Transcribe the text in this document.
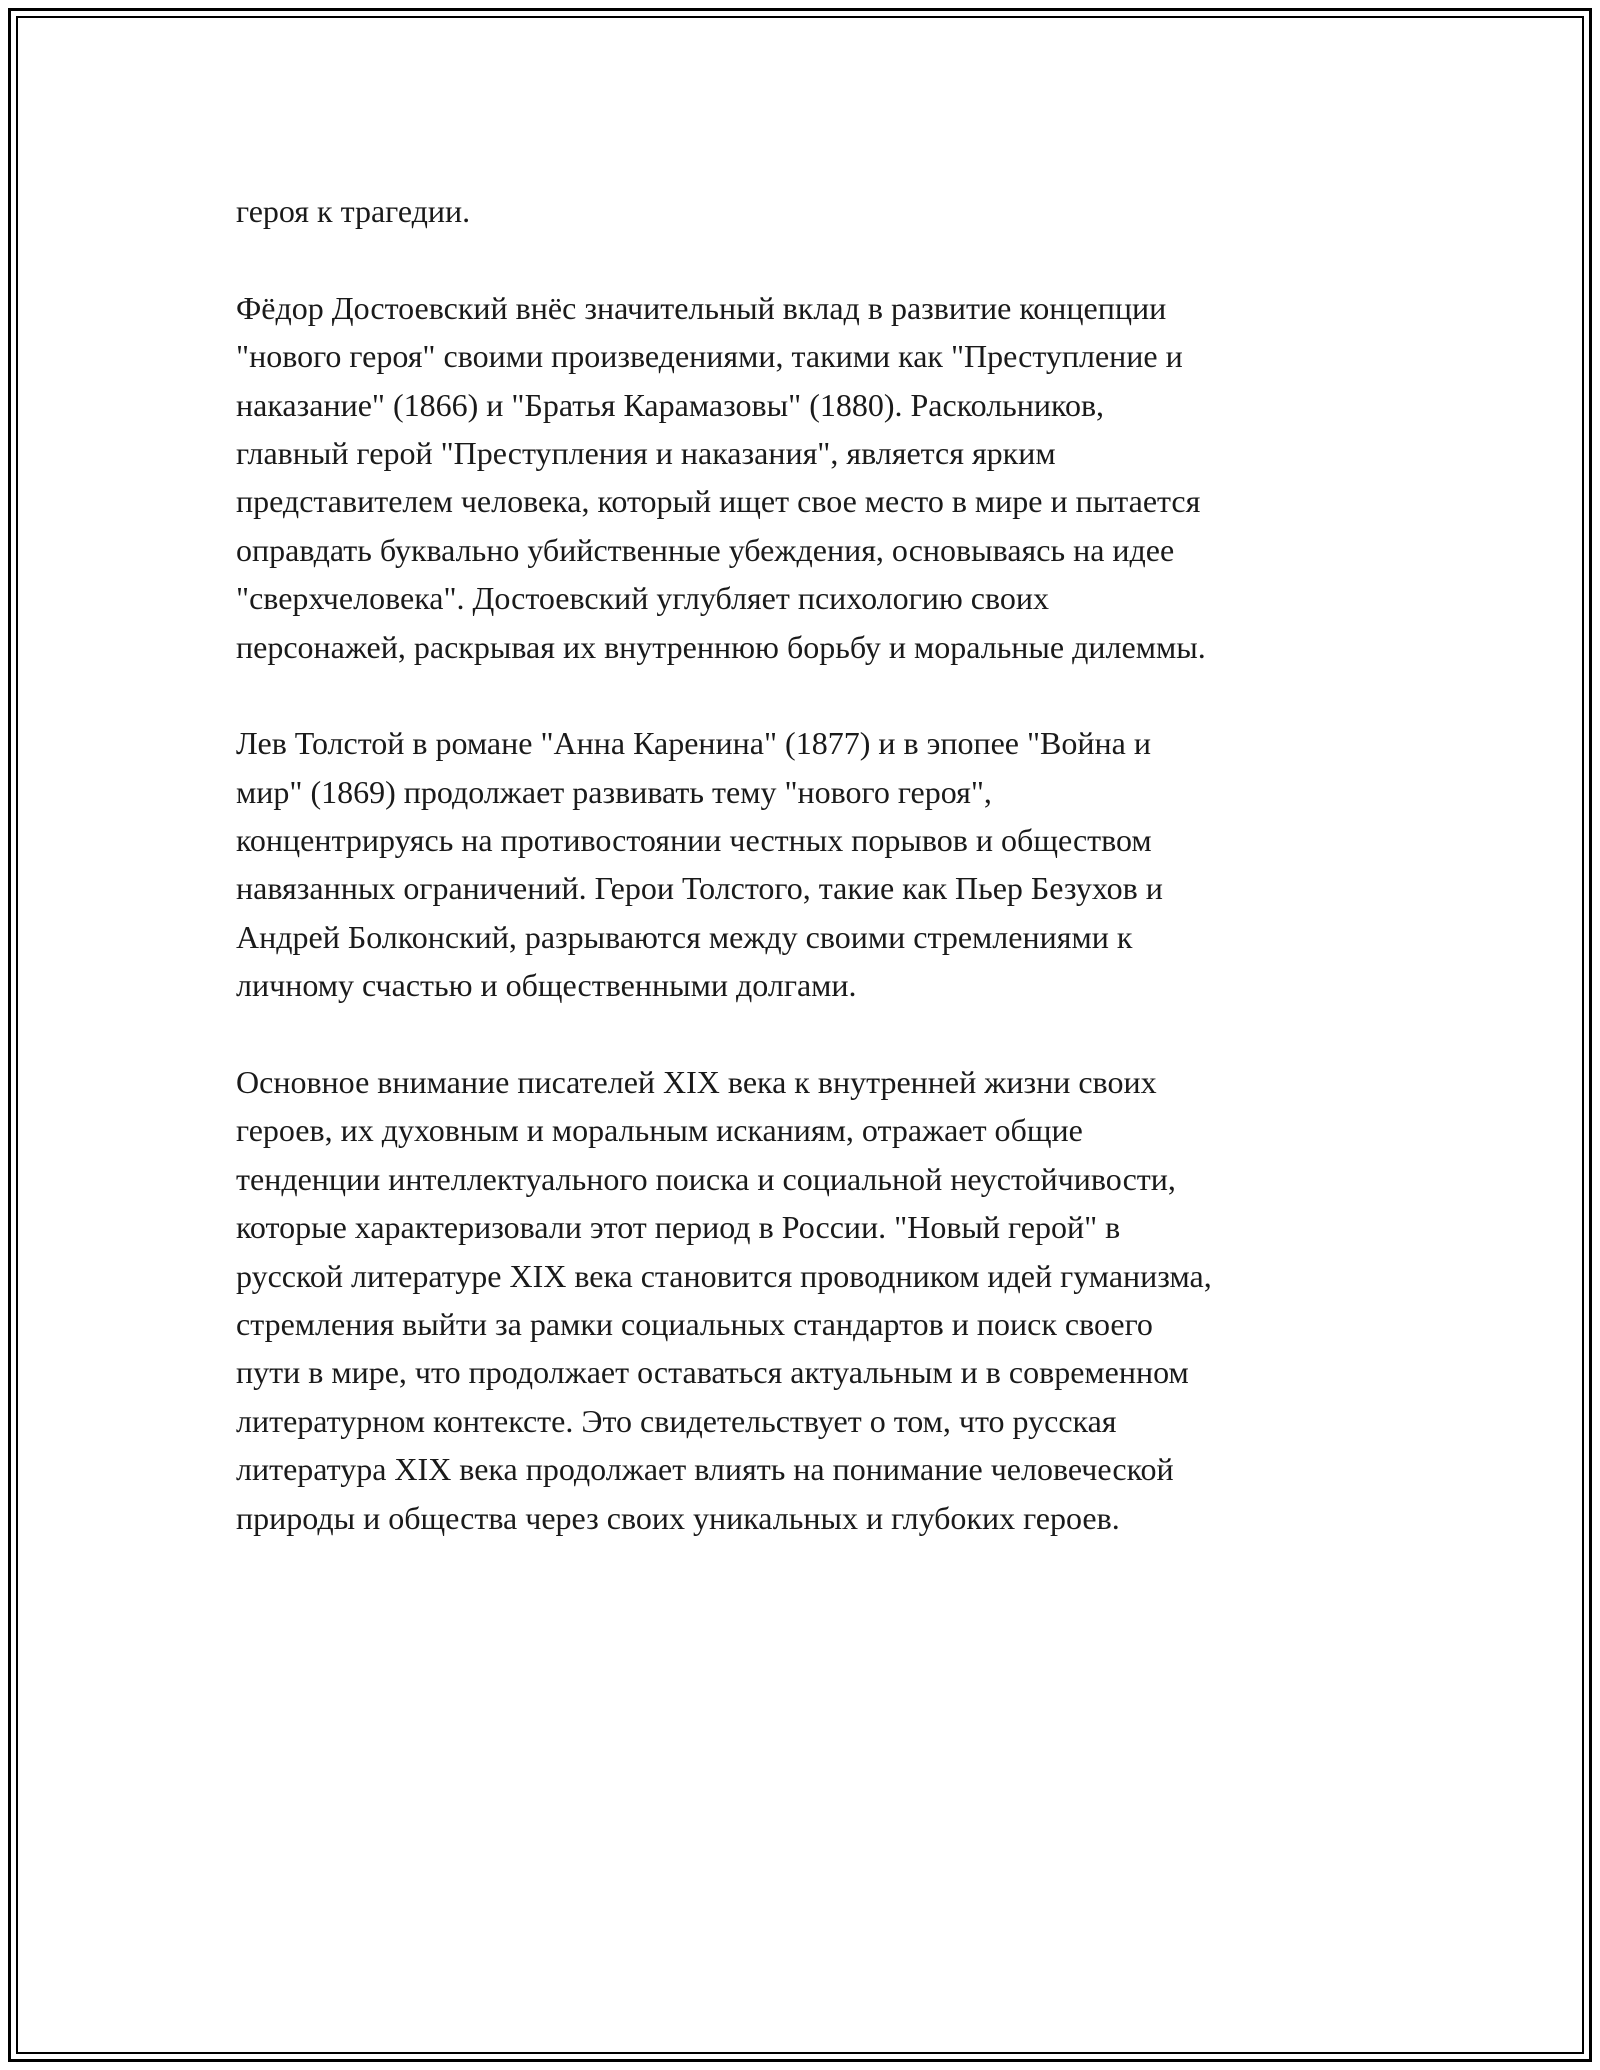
героя к трагедии.
Фёдор Достоевский внёс значительный вклад в развитие концепции
"нового героя" своими произведениями, такими как "Преступление и
наказание" (1866) и "Братья Карамазовы" (1880). Раскольников,
главный герой "Преступления и наказания", является ярким
представителем человека, который ищет свое место в мире и пытается
оправдать буквально убийственные убеждения, основываясь на идее
"сверхчеловека". Достоевский углубляет психологию своих
персонажей, раскрывая их внутреннюю борьбу и моральные дилеммы.
Лев Толстой в романе "Анна Каренина" (1877) и в эпопее "Война и
мир" (1869) продолжает развивать тему "нового героя",
концентрируясь на противостоянии честных порывов и обществом
навязанных ограничений. Герои Толстого, такие как Пьер Безухов и
Андрей Болконский, разрываются между своими стремлениями к
личному счастью и общественными долгами.
Основное внимание писателей XIX века к внутренней жизни своих
героев, их духовным и моральным исканиям, отражает общие
тенденции интеллектуального поиска и социальной неустойчивости,
которые характеризовали этот период в России. "Новый герой" в
русской литературе XIX века становится проводником идей гуманизма,
стремления выйти за рамки социальных стандартов и поиск своего
пути в мире, что продолжает оставаться актуальным и в современном
литературном контексте. Это свидетельствует о том, что русская
литература XIX века продолжает влиять на понимание человеческой
природы и общества через своих уникальных и глубоких героев.
